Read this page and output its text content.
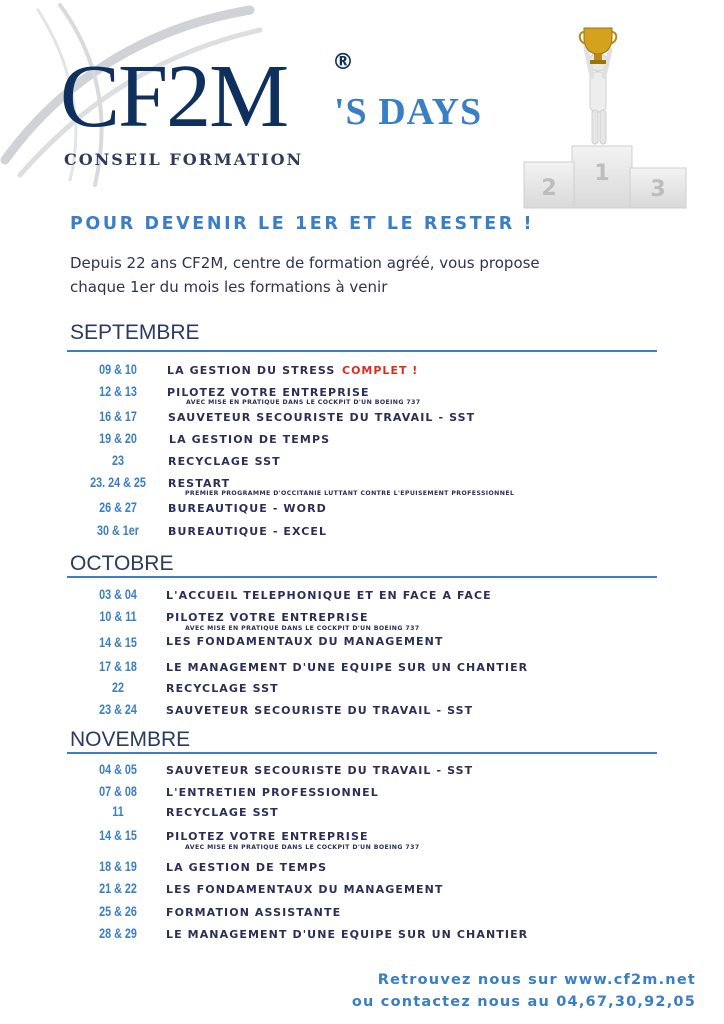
CF2M ®
'S DAYS
CONSEIL FORMATION
2
1
3
POUR DEVENIR LE 1ER ET LE RESTER !
Depuis 22 ans CF2M, centre de formation agréé, vous propose
chaque 1er du mois les formations à venir
SEPTEMBRE
09 & 10	LA GESTION DU STRESS COMPLET !
12 & 13	PILOTEZ VOTRE ENTREPRISE
AVEC MISE EN PRATIQUE DANS LE COCKPIT D'UN BOEING 737
16 & 17	SAUVETEUR SECOURISTE DU TRAVAIL - SST
19 & 20	LA GESTION DE TEMPS
23	RECYCLAGE SST
23. 24 & 25	RESTART
PREMIER PROGRAMME D'OCCITANIE LUTTANT CONTRE L'EPUISEMENT PROFESSIONNEL
26 & 27	BUREAUTIQUE - WORD
30 & 1er	BUREAUTIQUE - EXCEL
OCTOBRE
03 & 04	L'ACCUEIL TELEPHONIQUE ET EN FACE A FACE
10 & 11	PILOTEZ VOTRE ENTREPRISE
AVEC MISE EN PRATIQUE DANS LE COCKPIT D'UN BOEING 737
14 & 15	LES FONDAMENTAUX DU MANAGEMENT
17 & 18	LE MANAGEMENT D'UNE EQUIPE SUR UN CHANTIER
22	RECYCLAGE SST
23 & 24	SAUVETEUR SECOURISTE DU TRAVAIL - SST
NOVEMBRE
04 & 05	SAUVETEUR SECOURISTE DU TRAVAIL - SST
07 & 08	L'ENTRETIEN PROFESSIONNEL
11	RECYCLAGE SST
14 & 15	PILOTEZ VOTRE ENTREPRISE
AVEC MISE EN PRATIQUE DANS LE COCKPIT D'UN BOEING 737
18 & 19	LA GESTION DE TEMPS
21 & 22	LES FONDAMENTAUX DU MANAGEMENT
25 & 26	FORMATION ASSISTANTE
28 & 29	LE MANAGEMENT D'UNE EQUIPE SUR UN CHANTIER
Retrouvez nous sur www.cf2m.net
ou contactez nous au 04,67,30,92,05
